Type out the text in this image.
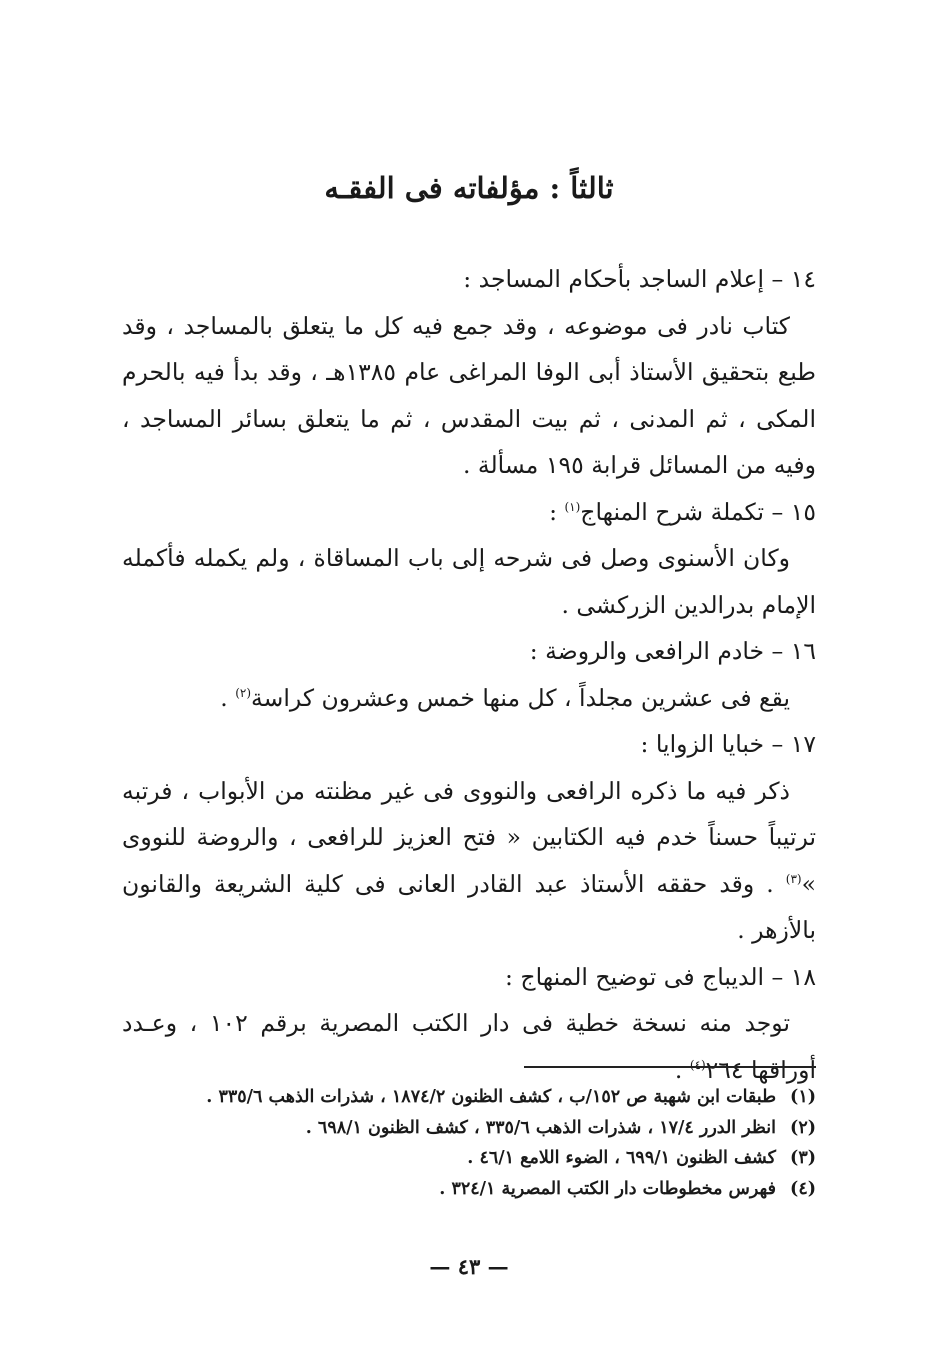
ثالثاً : مؤلفاته فى الفقـه

١٤ – إعلام الساجد بأحكام المساجد :

كتاب نادر فى موضوعه ، وقد جمع فيه كل ما يتعلق بالمساجد ، وقد طبع بتحقيق الأستاذ أبى الوفا المراغى عام ١٣٨٥هـ ، وقد بدأ فيه بالحرم المكى ، ثم المدنى ، ثم بيت المقدس ، ثم ما يتعلق بسائر المساجد ، وفيه من المسائل قرابة ١٩٥ مسألة .

١٥ – تكملة شرح المنهاج$^{(١)}$ :

وكان الأسنوى وصل فى شرحه إلى باب المساقاة ، ولم يكمله فأكمله الإمام بدرالدين الزركشى .

١٦ – خادم الرافعى والروضة :

يقع فى عشرين مجلداً ، كل منها خمس وعشرون كراسة$^{(٢)}$ .

١٧ – خبايا الزوايا :

ذكر فيه ما ذكره الرافعى والنووى فى غير مظنته من الأبواب ، فرتبه ترتيباً حسناً خدم فيه الكتابين « فتح العزيز للرافعى ، والروضة للنووى »$^{(٣)}$ . وقد حققه الأستاذ عبد القادر العانى فى كلية الشريعة والقانون بالأزهر .

١٨ – الديباج فى توضيح المنهاج :

توجد منه نسخة خطية فى دار الكتب المصرية برقم ١٠٢ ، وعـدد أوراقها ٢٦٤$^{(٤)}$ .

(١)
طبقات ابن شهبة ص ١٥٢/ب ، كشف الظنون ١٨٧٤/٢ ، شذرات الذهب ٣٣٥/٦ .
(٢)
انظر الدرر ١٧/٤ ، شذرات الذهب ٣٣٥/٦ ، كشف الظنون ٦٩٨/١ .
(٣)
كشف الظنون ٦٩٩/١ ، الضوء اللامع ٤٦/١ .
(٤)
فهرس مخطوطات دار الكتب المصرية ٣٢٤/١ .
— ٤٣ —
